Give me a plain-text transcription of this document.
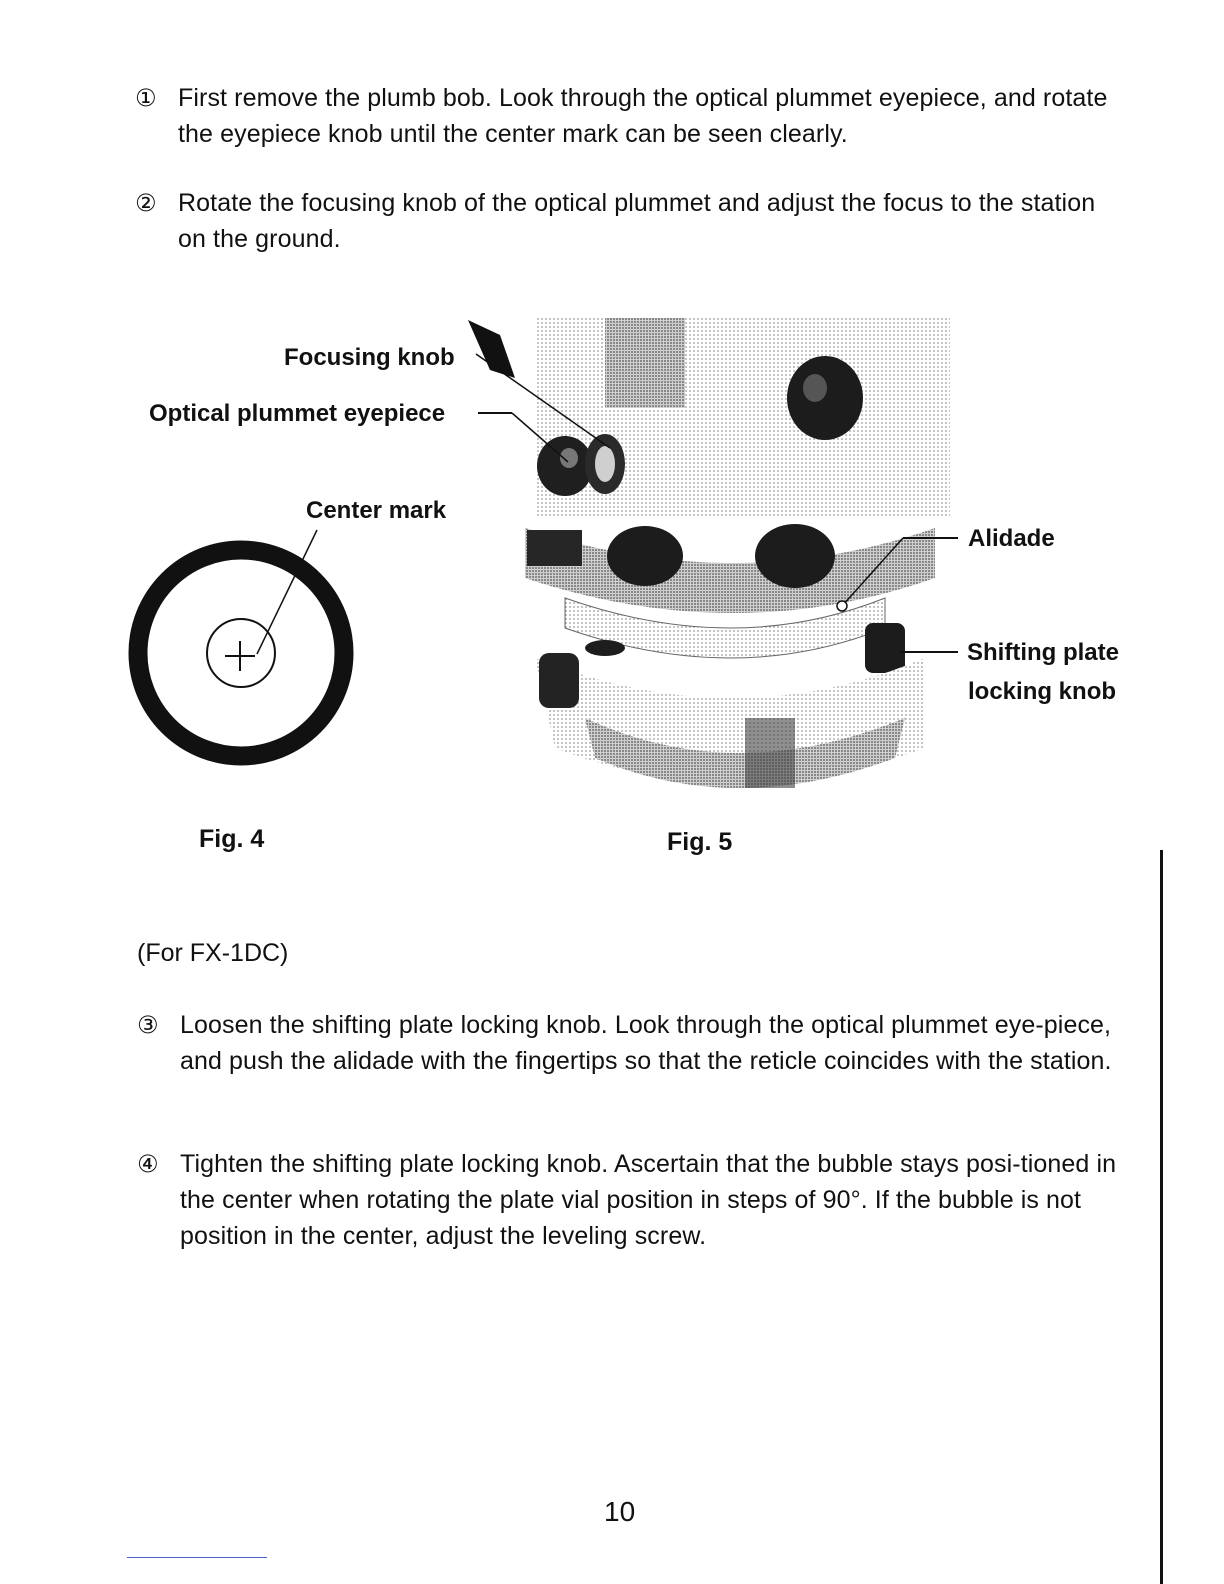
① First remove the plumb bob. Look through the optical plummet eyepiece, and rotate the eyepiece knob until the center mark can be seen clearly.
② Rotate the focusing knob of the optical plummet and adjust the focus to the station on the ground.
Center mark
Focusing knob
Optical plummet eyepiece
Alidade
Shifting plate
locking knob
Fig. 4	Fig. 5
(For FX-1DC)
③ Loosen the shifting plate locking knob. Look through the optical plummet eye-piece, and push the alidade with the fingertips so that the reticle coincides with the station.
④ Tighten the shifting plate locking knob. Ascertain that the bubble stays posi-tioned in the center when rotating the plate vial position in steps of 90°. If the bubble is not position in the center, adjust the leveling screw.
10
